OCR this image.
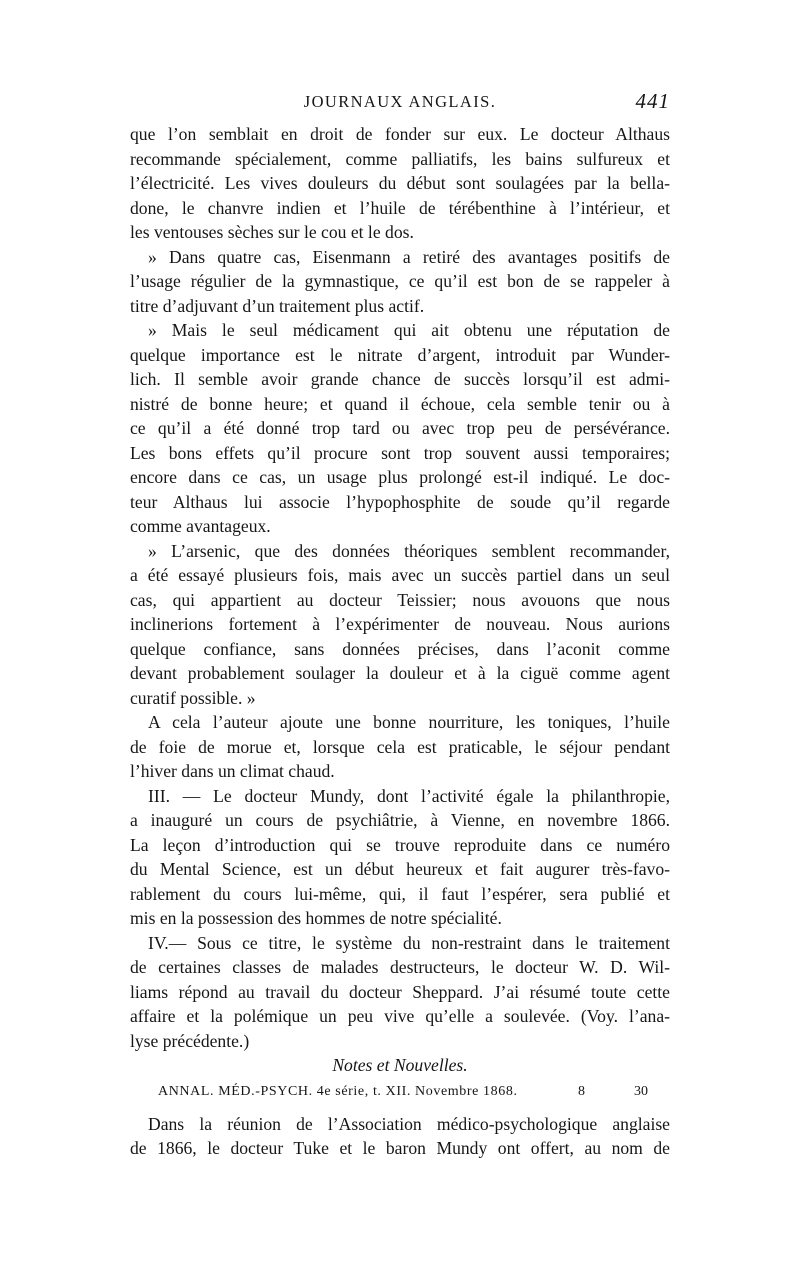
JOURNAUX ANGLAIS.	441
que l’on semblait en droit de fonder sur eux. Le docteur Althaus
recommande spécialement, comme palliatifs, les bains sulfureux et
l’électricité. Les vives douleurs du début sont soulagées par la bella-
done, le chanvre indien et l’huile de térébenthine à l’intérieur, et
les ventouses sèches sur le cou et le dos.
» Dans quatre cas, Eisenmann a retiré des avantages positifs de
l’usage régulier de la gymnastique, ce qu’il est bon de se rappeler à
titre d’adjuvant d’un traitement plus actif.
» Mais le seul médicament qui ait obtenu une réputation de
quelque importance est le nitrate d’argent, introduit par Wunder-
lich. Il semble avoir grande chance de succès lorsqu’il est admi-
nistré de bonne heure; et quand il échoue, cela semble tenir ou à
ce qu’il a été donné trop tard ou avec trop peu de persévérance.
Les bons effets qu’il procure sont trop souvent aussi temporaires;
encore dans ce cas, un usage plus prolongé est-il indiqué. Le doc-
teur Althaus lui associe l’hypophosphite de soude qu’il regarde
comme avantageux.
» L’arsenic, que des données théoriques semblent recommander,
a été essayé plusieurs fois, mais avec un succès partiel dans un seul
cas, qui appartient au docteur Teissier; nous avouons que nous
inclinerions fortement à l’expérimenter de nouveau. Nous aurions
quelque confiance, sans données précises, dans l’aconit comme
devant probablement soulager la douleur et à la ciguë comme agent
curatif possible. »
A cela l’auteur ajoute une bonne nourriture, les toniques, l’huile
de foie de morue et, lorsque cela est praticable, le séjour pendant
l’hiver dans un climat chaud.
III. — Le docteur Mundy, dont l’activité égale la philanthropie,
a inauguré un cours de psychiâtrie, à Vienne, en novembre 1866.
La leçon d’introduction qui se trouve reproduite dans ce numéro
du Mental Science, est un début heureux et fait augurer très-favo-
rablement du cours lui-même, qui, il faut l’espérer, sera publié et
mis en la possession des hommes de notre spécialité.
IV.— Sous ce titre, le système du non-restraint dans le traitement
de certaines classes de malades destructeurs, le docteur W. D. Wil-
liams répond au travail du docteur Sheppard. J’ai résumé toute cette
affaire et la polémique un peu vive qu’elle a soulevée. (Voy. l’ana-
lyse précédente.)
Notes et Nouvelles.
Dans la réunion de l’Association médico-psychologique anglaise
de 1866, le docteur Tuke et le baron Mundy ont offert, au nom de
ANNAL. MÉD.-PSYCH. 4e série, t. XII. Novembre 1868.	8	30
